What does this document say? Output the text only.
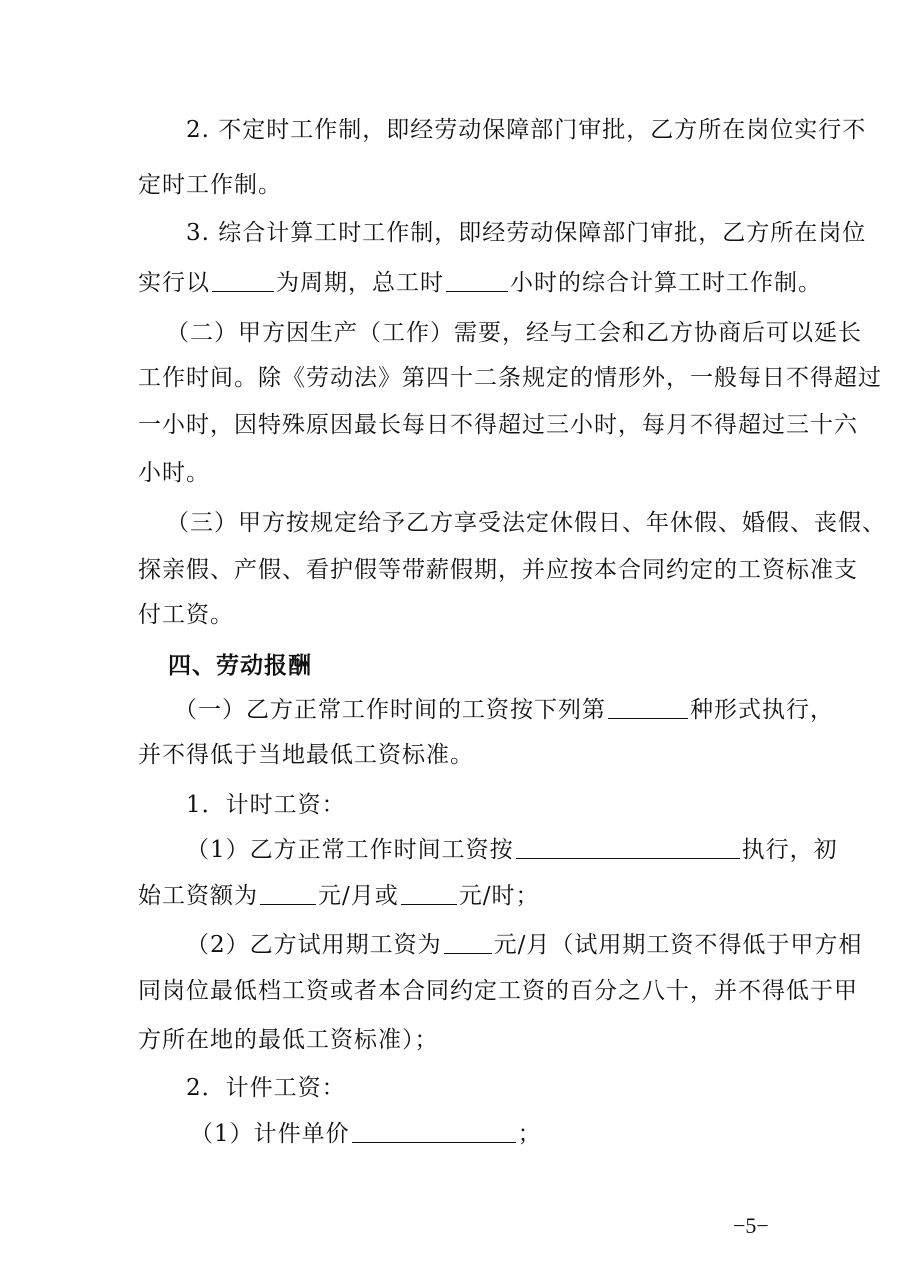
2. 不定时工作制，即经劳动保障部门审批，乙方所在岗位实行不

定时工作制。

3. 综合计算工时工作制，即经劳动保障部门审批，乙方所在岗位

实行以	为周期，总工时	小时的综合计算工时工作制。

（二）甲方因生产（工作）需要，经与工会和乙方协商后可以延长

工作时间。除《劳动法》第四十二条规定的情形外，一般每日不得超过

一小时，因特殊原因最长每日不得超过三小时，每月不得超过三十六

小时。

（三）甲方按规定给予乙方享受法定休假日、年休假、婚假、丧假、

探亲假、产假、看护假等带薪假期，并应按本合同约定的工资标准支

付工资。

四、劳动报酬

（一）乙方正常工作时间的工资按下列第	种形式执行，

并不得低于当地最低工资标准。

1．计时工资：

（1）乙方正常工作时间工资按	执行，初

始工资额为	元/月或	元/时；

（2）乙方试用期工资为 元/月（试用期工资不得低于甲方相

同岗位最低档工资或者本合同约定工资的百分之八十，并不得低于甲

方所在地的最低工资标准）；

2．计件工资：

（1）计件单价	；

−5−
